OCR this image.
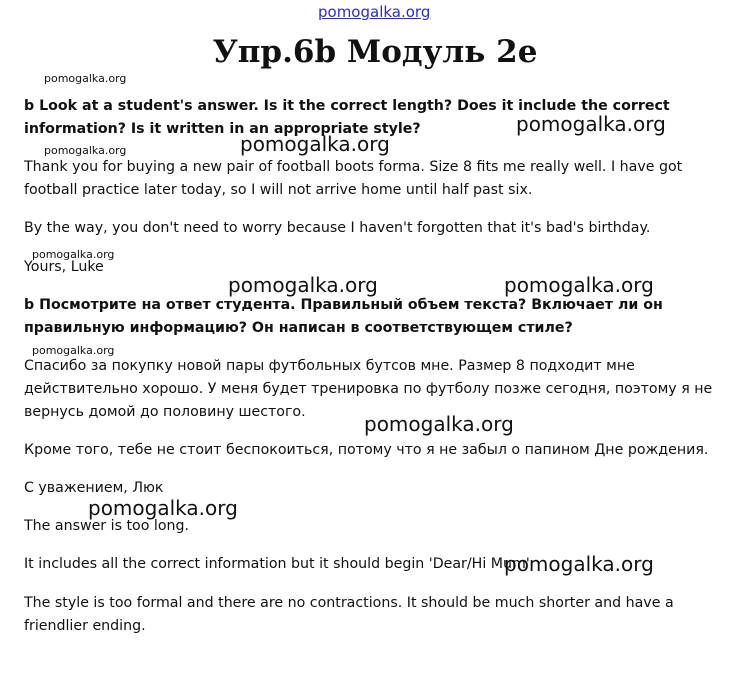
pomogalka.org
Упр.6b Модуль 2e
pomogalka.org
pomogalka.org
pomogalka.org
pomogalka.org
b Look at a student's answer. Is it the correct length? Does it include the correct information? Is it written in an appropriate style?
Thank you for buying a new pair of football boots forma. Size 8 fits me really well. I have got football practice later today, so I will not arrive home until half past six.
By the way, you don't need to worry because I haven't forgotten that it's bad's birthday.
Yours, Luke
b Посмотрите на ответ студента. Правильный объем текста? Включает ли он правильную информацию? Он написан в соответствующем стиле?
Спасибо за покупку новой пары футбольных бутсов мне. Размер 8 подходит мне действительно хорошо. У меня будет тренировка по футболу позже сегодня, поэтому я не вернусь домой до половину шестого.
Кроме того, тебе не стоит беспокоиться, потому что я не забыл о папином Дне рождения.
С уважением, Люк
The answer is too long.
It includes all the correct information but it should begin 'Dear/Hi Mum'
The style is too formal and there are no contractions. It should be much shorter and have a friendlier ending.
pomogalka.org
pomogalka.org
pomogalka.org	pomogalka.org
pomogalka.org
pomogalka.org
pomogalka.org
